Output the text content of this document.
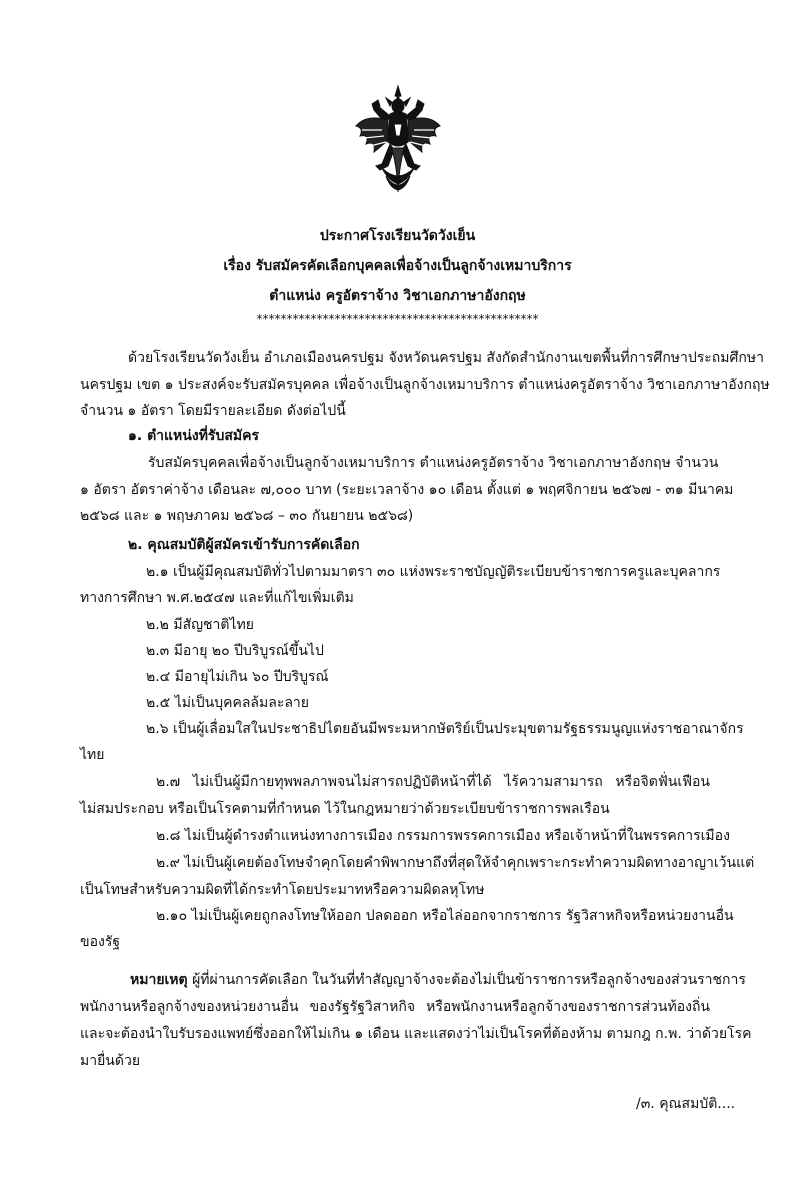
ประกาศโรงเรียนวัดวังเย็น
เรื่อง รับสมัครคัดเลือกบุคคลเพื่อจ้างเป็นลูกจ้างเหมาบริการ
ตำแหน่ง ครูอัตราจ้าง วิชาเอกภาษาอังกฤษ
***********************************************
ด้วยโรงเรียนวัดวังเย็น อำเภอเมืองนครปฐม จังหวัดนครปฐม สังกัดสำนักงานเขตพื้นที่การศึกษาประถมศึกษา
นครปฐม เขต ๑ ประสงค์จะรับสมัครบุคคล เพื่อจ้างเป็นลูกจ้างเหมาบริการ ตำแหน่งครูอัตราจ้าง วิชาเอกภาษาอังกฤษ
จำนวน ๑ อัตรา โดยมีรายละเอียด ดังต่อไปนี้
๑. ตำแหน่งที่รับสมัคร
รับสมัครบุคคลเพื่อจ้างเป็นลูกจ้างเหมาบริการ ตำแหน่งครูอัตราจ้าง วิชาเอกภาษาอังกฤษ จำนวน
๑ อัตรา อัตราค่าจ้าง เดือนละ ๗,๐๐๐ บาท (ระยะเวลาจ้าง ๑๐ เดือน ตั้งแต่ ๑ พฤศจิกายน ๒๕๖๗ - ๓๑ มีนาคม
๒๕๖๘ และ ๑ พฤษภาคม ๒๕๖๘ – ๓๐ กันยายน ๒๕๖๘)
๒. คุณสมบัติผู้สมัครเข้ารับการคัดเลือก
๒.๑ เป็นผู้มีคุณสมบัติทั่วไปตามมาตรา ๓๐ แห่งพระราชบัญญัติระเบียบข้าราชการครูและบุคลากร
ทางการศึกษา พ.ศ.๒๕๔๗ และที่แก้ไขเพิ่มเติม
๒.๒ มีสัญชาติไทย
๒.๓ มีอายุ ๒๐ ปีบริบูรณ์ขึ้นไป
๒.๔ มีอายุไม่เกิน ๖๐ ปีบริบูรณ์
๒.๕ ไม่เป็นบุคคลล้มละลาย
๒.๖ เป็นผู้เลื่อมใสในประชาธิปไตยอันมีพระมหากษัตริย์เป็นประมุขตามรัฐธรรมนูญแห่งราชอาณาจักร
ไทย
๒.๗ ไม่เป็นผู้มีกายทุพพลภาพจนไม่สารถปฏิบัติหน้าที่ได้ ไร้ความสามารถ หรือจิตฟั่นเฟือน
ไม่สมประกอบ หรือเป็นโรคตามที่กำหนด ไว้ในกฎหมายว่าด้วยระเบียบข้าราชการพลเรือน
๒.๘ ไม่เป็นผู้ดำรงตำแหน่งทางการเมือง กรรมการพรรคการเมือง หรือเจ้าหน้าที่ในพรรคการเมือง
๒.๙ ไม่เป็นผู้เคยต้องโทษจำคุกโดยคำพิพากษาถึงที่สุดให้จำคุกเพราะกระทำความผิดทางอาญาเว้นแต่
เป็นโทษสำหรับความผิดที่ได้กระทำโดยประมาทหรือความผิดลหุโทษ
๒.๑๐ ไม่เป็นผู้เคยถูกลงโทษให้ออก ปลดออก หรือไล่ออกจากราชการ รัฐวิสาหกิจหรือหน่วยงานอื่น
ของรัฐ
หมายเหตุ ผู้ที่ผ่านการคัดเลือก ในวันที่ทำสัญญาจ้างจะต้องไม่เป็นข้าราชการหรือลูกจ้างของส่วนราชการ
พนักงานหรือลูกจ้างของหน่วยงานอื่น ของรัฐรัฐวิสาหกิจ หรือพนักงานหรือลูกจ้างของราชการส่วนท้องถิ่น
และจะต้องนำใบรับรองแพทย์ซึ่งออกให้ไม่เกิน ๑ เดือน และแสดงว่าไม่เป็นโรคที่ต้องห้าม ตามกฎ ก.พ. ว่าด้วยโรค
มายื่นด้วย
/๓. คุณสมบัติ....
